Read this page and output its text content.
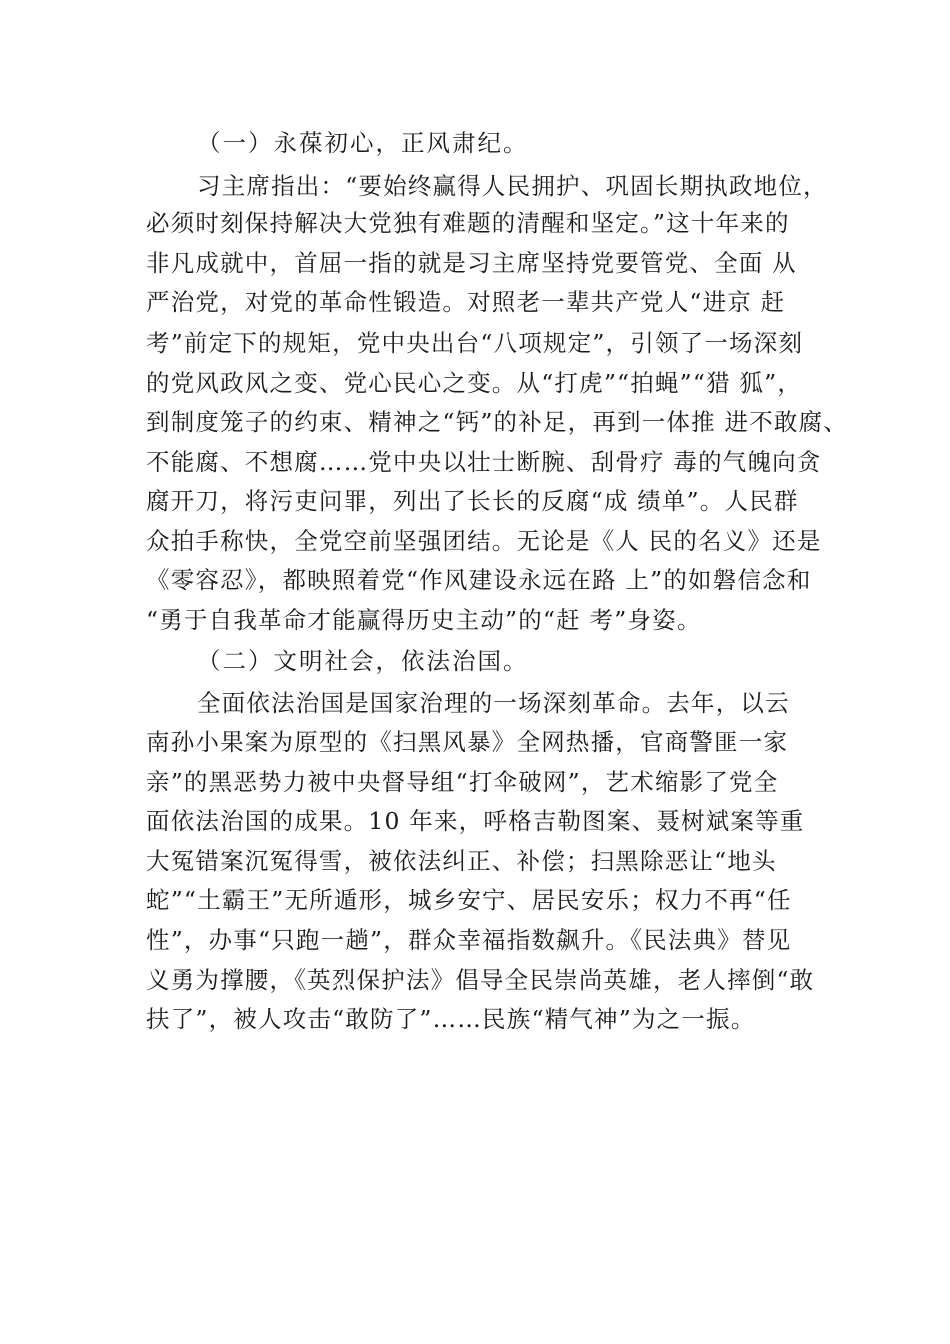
（一）永葆初心，正风肃纪。
习主席指出：“要始终赢得人民拥护、巩固长期执政地位，
必须时刻保持解决大党独有难题的清醒和坚定。”这十年来的
非凡成就中，首屈一指的就是习主席坚持党要管党、全面 从
严治党，对党的革命性锻造。对照老一辈共产党人“进京 赶
考”前定下的规矩，党中央出台“八项规定”，引领了一场深刻
的党风政风之变、党心民心之变。从“打虎”“拍蝇”“猎 狐”，
到制度笼子的约束、精神之“钙”的补足，再到一体推 进不敢腐、
不能腐、不想腐……党中央以壮士断腕、刮骨疗 毒的气魄向贪
腐开刀，将污吏问罪，列出了长长的反腐“成 绩单”。人民群
众拍手称快，全党空前坚强团结。无论是《人 民的名义》还是
《零容忍》，都映照着党“作风建设永远在路 上”的如磐信念和
“勇于自我革命才能赢得历史主动”的“赶 考”身姿。
（二）文明社会，依法治国。
全面依法治国是国家治理的一场深刻革命。去年，以云
南孙小果案为原型的《扫黑风暴》全网热播，官商警匪一家
亲”的黑恶势力被中央督导组“打伞破网”，艺术缩影了党全
面依法治国的成果。10 年来，呼格吉勒图案、聂树斌案等重
大冤错案沉冤得雪，被依法纠正、补偿；扫黑除恶让“地头
蛇”“土霸王”无所遁形，城乡安宁、居民安乐；权力不再“任
性”，办事“只跑一趟”，群众幸福指数飙升。《民法典》替见
义勇为撑腰，《英烈保护法》倡导全民崇尚英雄，老人摔倒“敢
扶了”，被人攻击“敢防了”……民族“精气神”为之一振。
